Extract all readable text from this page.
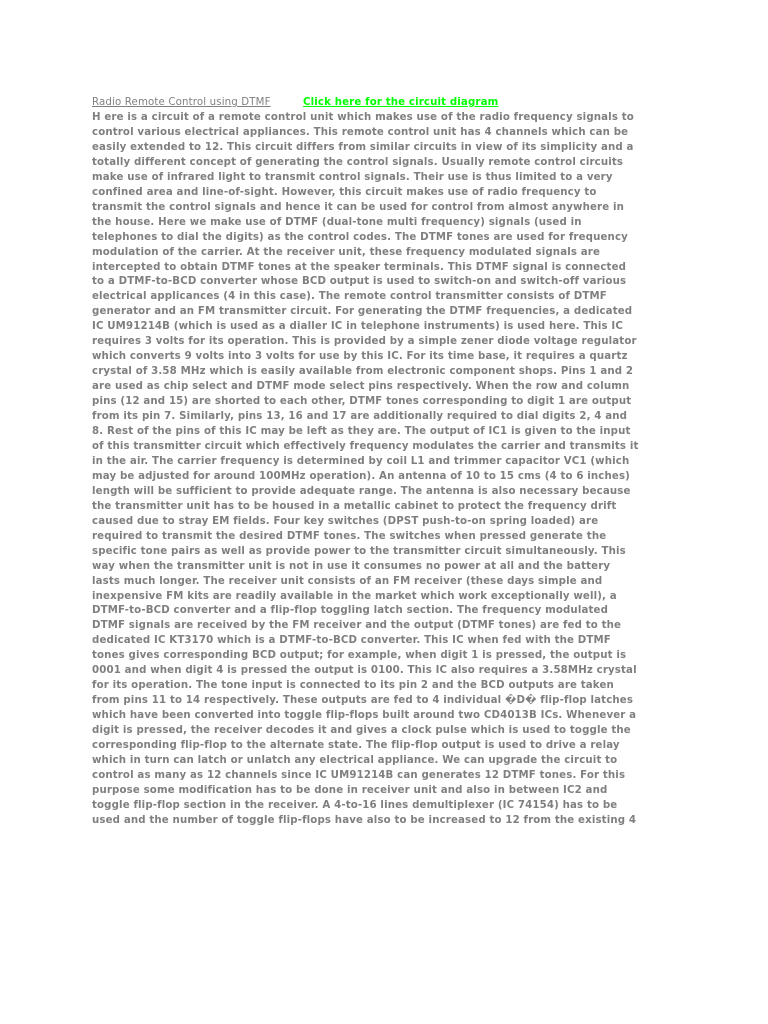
Radio Remote Control using DTMF	Click here for the circuit diagram

H ere is a circuit of a remote control unit which makes use of the radio frequency signals to control various electrical appliances. This remote control unit has 4 channels which can be easily extended to 12. This circuit differs from similar circuits in view of its simplicity and a totally different concept of generating the control signals. Usually remote control circuits make use of infrared light to transmit control signals. Their use is thus limited to a very confined area and line-of-sight. However, this circuit makes use of radio frequency to transmit the control signals and hence it can be used for control from almost anywhere in the house. Here we make use of DTMF (dual-tone multi frequency) signals (used in telephones to dial the digits) as the control codes. The DTMF tones are used for frequency modulation of the carrier. At the receiver unit, these frequency modulated signals are intercepted to obtain DTMF tones at the speaker terminals. This DTMF signal is connected to a DTMF-to-BCD converter whose BCD output is used to switch-on and switch-off various electrical applicances (4 in this case). The remote control transmitter consists of DTMF generator and an FM transmitter circuit. For generating the DTMF frequencies, a dedicated IC UM91214B (which is used as a dialler IC in telephone instruments) is used here. This IC requires 3 volts for its operation. This is provided by a simple zener diode voltage regulator which converts 9 volts into 3 volts for use by this IC. For its time base, it requires a quartz crystal of 3.58 MHz which is easily available from electronic component shops. Pins 1 and 2 are used as chip select and DTMF mode select pins respectively. When the row and column pins (12 and 15) are shorted to each other, DTMF tones corresponding to digit 1 are output from its pin 7. Similarly, pins 13, 16 and 17 are additionally required to dial digits 2, 4 and 8. Rest of the pins of this IC may be left as they are. The output of IC1 is given to the input of this transmitter circuit which effectively frequency modulates the carrier and transmits it in the air. The carrier frequency is determined by coil L1 and trimmer capacitor VC1 (which may be adjusted for around 100MHz operation). An antenna of 10 to 15 cms (4 to 6 inches) length will be sufficient to provide adequate range. The antenna is also necessary because the transmitter unit has to be housed in a metallic cabinet to protect the frequency drift caused due to stray EM fields. Four key switches (DPST push-to-on spring loaded) are required to transmit the desired DTMF tones. The switches when pressed generate the specific tone pairs as well as provide power to the transmitter circuit simultaneously. This way when the transmitter unit is not in use it consumes no power at all and the battery lasts much longer. The receiver unit consists of an FM receiver (these days simple and inexpensive FM kits are readily available in the market which work exceptionally well), a DTMF-to-BCD converter and a flip-flop toggling latch section. The frequency modulated DTMF signals are received by the FM receiver and the output (DTMF tones) are fed to the dedicated IC KT3170 which is a DTMF-to-BCD converter. This IC when fed with the DTMF tones gives corresponding BCD output; for example, when digit 1 is pressed, the output is 0001 and when digit 4 is pressed the output is 0100. This IC also requires a 3.58MHz crystal for its operation. The tone input is connected to its pin 2 and the BCD outputs are taken from pins 11 to 14 respectively. These outputs are fed to 4 individual �D� flip-flop latches which have been converted into toggle flip-flops built around two CD4013B ICs. Whenever a digit is pressed, the receiver decodes it and gives a clock pulse which is used to toggle the corresponding flip-flop to the alternate state. The flip-flop output is used to drive a relay which in turn can latch or unlatch any electrical appliance. We can upgrade the circuit to control as many as 12 channels since IC UM91214B can generates 12 DTMF tones. For this purpose some modification has to be done in receiver unit and also in between IC2 and toggle flip-flop section in the receiver. A 4-to-16 lines demultiplexer (IC 74154) has to be used and the number of toggle flip-flops have also to be increased to 12 from the existing 4
